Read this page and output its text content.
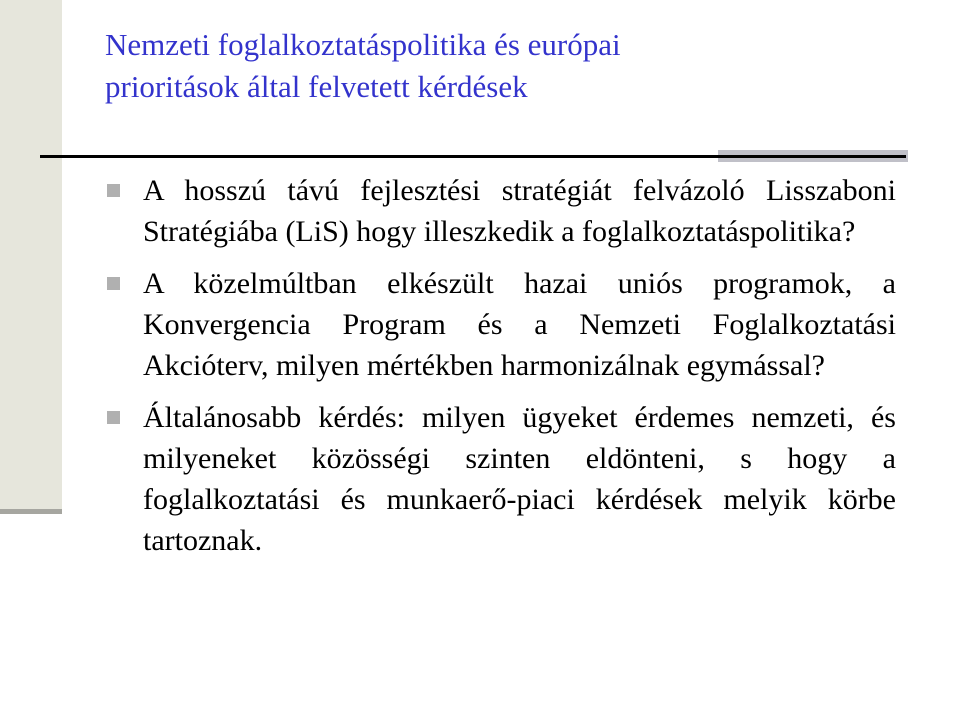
Nemzeti foglalkoztatáspolitika és európai
prioritások által felvetett kérdések
A hosszú távú fejlesztési stratégiát felvázoló Lisszaboni Stratégiába (LiS) hogy illeszkedik a foglalkoztatáspolitika?
A közelmúltban elkészült hazai uniós programok, a Konvergencia Program és a Nemzeti Foglalkoztatási Akcióterv, milyen mértékben harmonizálnak egymással?
Általánosabb kérdés: milyen ügyeket érdemes nemzeti, és milyeneket közösségi szinten eldönteni, s hogy a foglalkoztatási és munkaerő-piaci kérdések melyik körbe tartoznak.
